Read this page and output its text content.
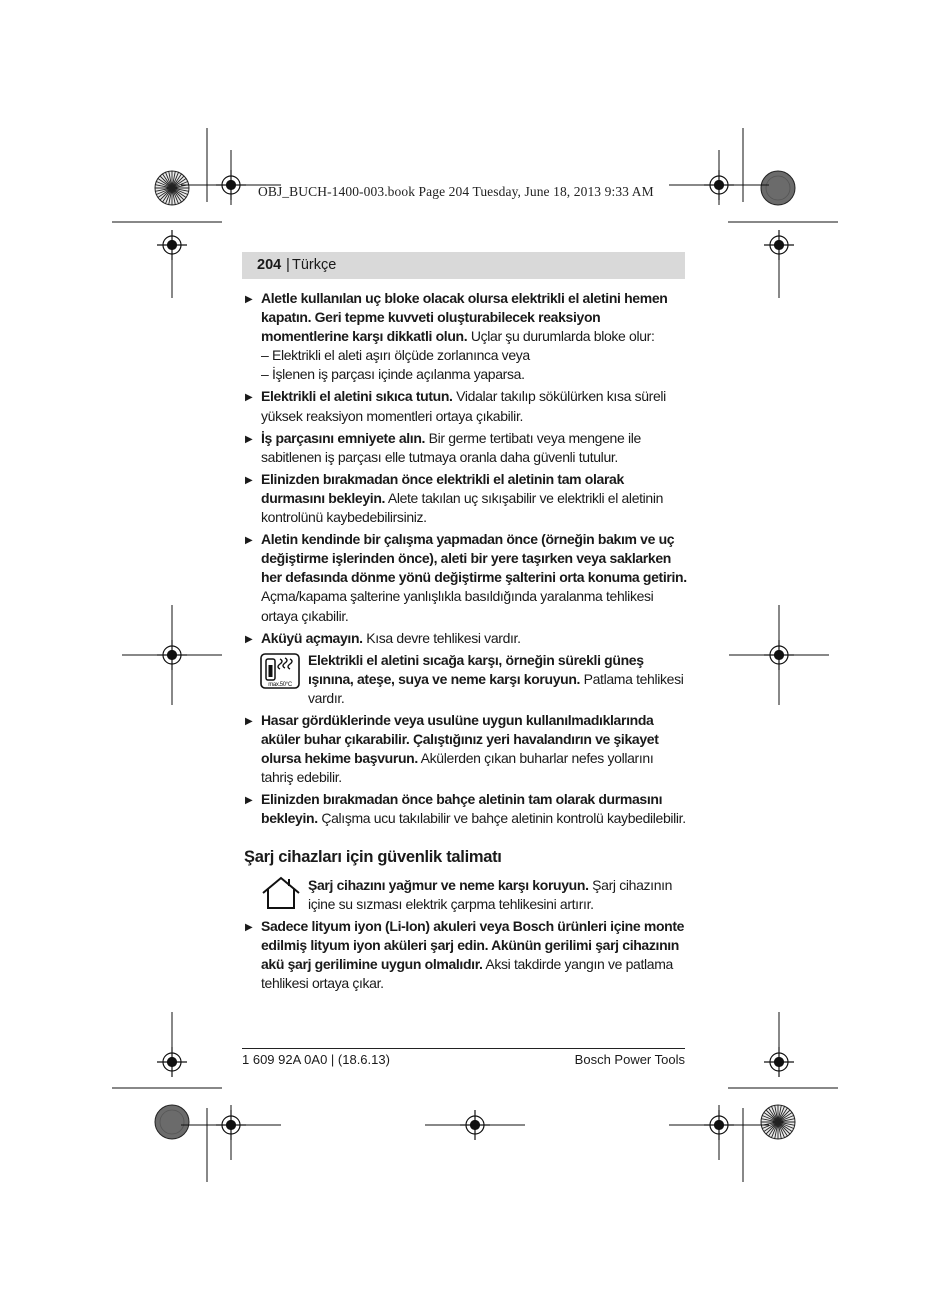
OBJ_BUCH-1400-003.book Page 204 Tuesday, June 18, 2013 9:33 AM
204 | Türkçe
▶ Aletle kullanılan uç bloke olacak olursa elektrikli el aletini hemen kapatın. Geri tepme kuvveti oluşturabilecek reaksiyon momentlerine karşı dikkatli olun. Uçlar şu durumlarda bloke olur:
– Elektrikli el aleti aşırı ölçüde zorlanınca veya
– İşlenen iş parçası içinde açılanma yaparsa.
▶ Elektrikli el aletini sıkıca tutun. Vidalar takılıp sökülürken kısa süreli yüksek reaksiyon momentleri ortaya çıkabilir.
▶ İş parçasını emniyete alın. Bir germe tertibatı veya mengene ile sabitlenen iş parçası elle tutmaya oranla daha güvenli tutulur.
▶ Elinizden bırakmadan önce elektrikli el aletinin tam olarak durmasını bekleyin. Alete takılan uç sıkışabilir ve elektrikli el aletinin kontrolünü kaybedebilirsiniz.
▶ Aletin kendinde bir çalışma yapmadan önce (örneğin bakım ve uç değiştirme işlerinden önce), aleti bir yere taşırken veya saklarken her defasında dönme yönü değiştirme şalterini orta konuma getirin. Açma/kapama şalterine yanlışlıkla basıldığında yaralanma tehlikesi ortaya çıkabilir.
▶ Aküyü açmayın. Kısa devre tehlikesi vardır.
max.50°C
Elektrikli el aletini sıcağa karşı, örneğin sürekli güneş ışınına, ateşe, suya ve neme karşı koruyun. Patlama tehlikesi vardır.
▶ Hasar gördüklerinde veya usulüne uygun kullanılmadıklarında aküler buhar çıkarabilir. Çalıştığınız yeri havalandırın ve şikayet olursa hekime başvurun. Akülerden çıkan buharlar nefes yollarını tahriş edebilir.
▶ Elinizden bırakmadan önce bahçe aletinin tam olarak durmasını bekleyin. Çalışma ucu takılabilir ve bahçe aletinin kontrolü kaybedilebilir.
Şarj cihazları için güvenlik talimatı
Şarj cihazını yağmur ve neme karşı koruyun. Şarj cihazının içine su sızması elektrik çarpma tehlikesini artırır.
▶ Sadece lityum iyon (Li-Ion) akuleri veya Bosch ürünleri içine monte edilmiş lityum iyon aküleri şarj edin. Akünün gerilimi şarj cihazının akü şarj gerilimine uygun olmalıdır. Aksi takdirde yangın ve patlama tehlikesi ortaya çıkar.
1 609 92A 0A0 | (18.6.13)	Bosch Power Tools
